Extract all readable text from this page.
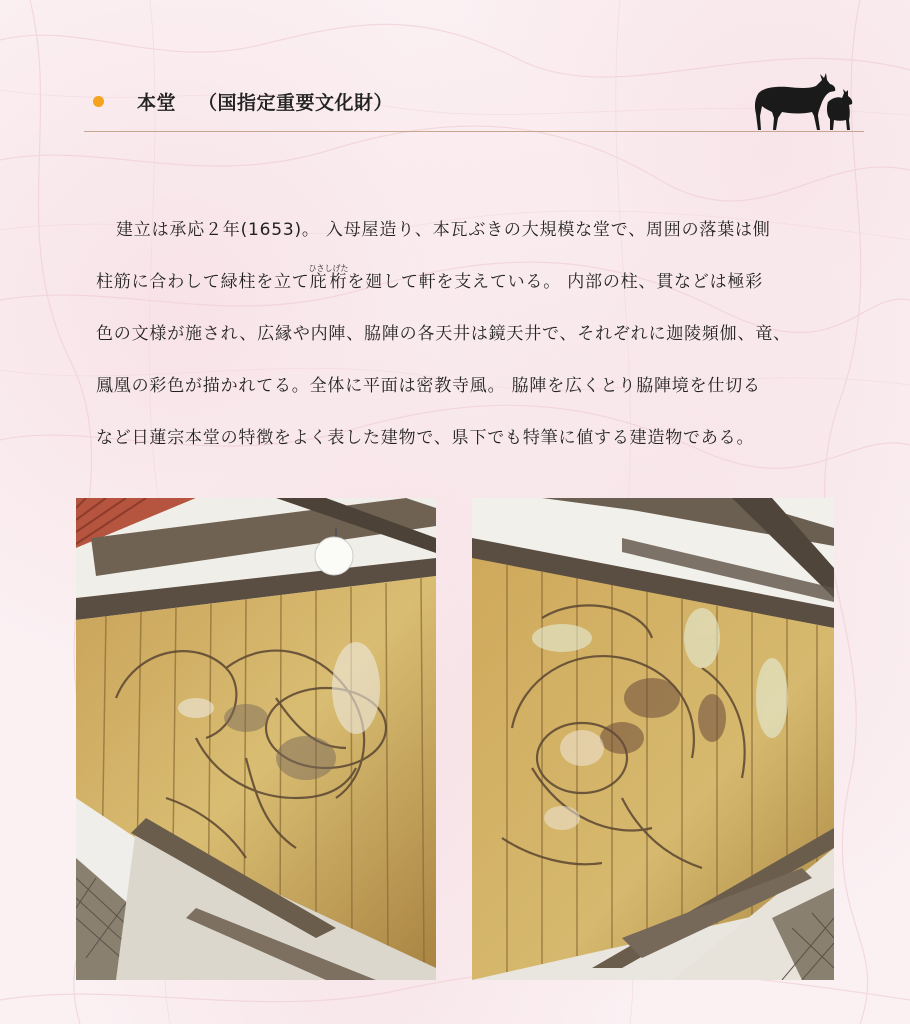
本堂 （国指定重要文化財）

建立は承応２年(1653)。 入母屋造り、本瓦ぶきの大規模な堂で、周囲の落葉は側

柱筋に合わして緑柱を立て庇桁ひさしげたを廻して軒を支えている。 内部の柱、貫などは極彩

色の文様が施され、広縁や内陣、脇陣の各天井は鏡天井で、それぞれに迦陵頻伽、竜、

鳳凰の彩色が描かれてる。全体に平面は密教寺風。 脇陣を広くとり脇陣境を仕切る

など日蓮宗本堂の特徴をよく表した建物で、県下でも特筆に値する建造物である。
